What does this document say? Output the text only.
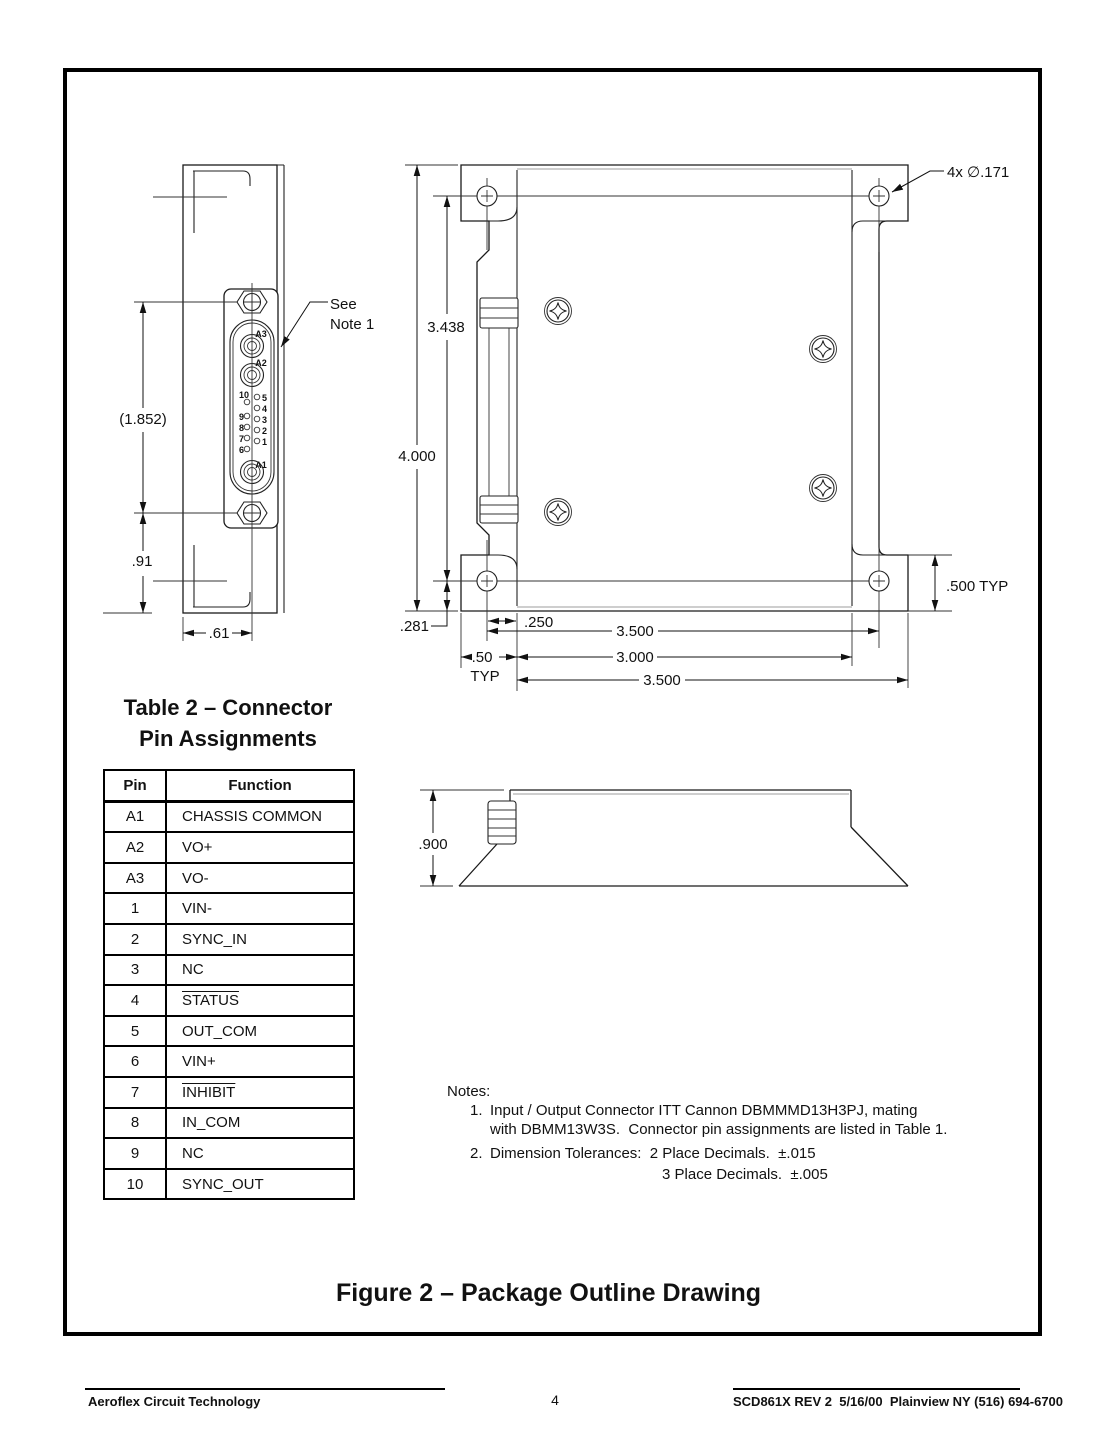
A3
A2
A1
10
9
8
7
6
5
4
3
2
1
See
Note 1
(1.852)
.91
.61
4x ∅.171
3.438
4.000
.281	.250
3.500
.50
TYP
3.000
3.500
.500 TYP
.900
Table 2 – Connector
Pin Assignments
Pin	Function
A1	CHASSIS COMMON
A2	VO+
A3	VO-
1	VIN-
2	SYNC_IN
3	NC
4	STATUS
5	OUT_COM
6	VIN+
7	INHIBIT
8	IN_COM
9	NC
10	SYNC_OUT
Notes:
1. Input / Output Connector ITT Cannon DBMMMD13H3PJ, mating
with DBMM13W3S.  Connector pin assignments are listed in Table 1.
2. Dimension Tolerances:  2 Place Decimals.  ±.015
3 Place Decimals.  ±.005
Figure 2 – Package Outline Drawing
Aeroflex Circuit Technology	4	SCD861X REV 2  5/16/00  Plainview NY (516) 694-6700
